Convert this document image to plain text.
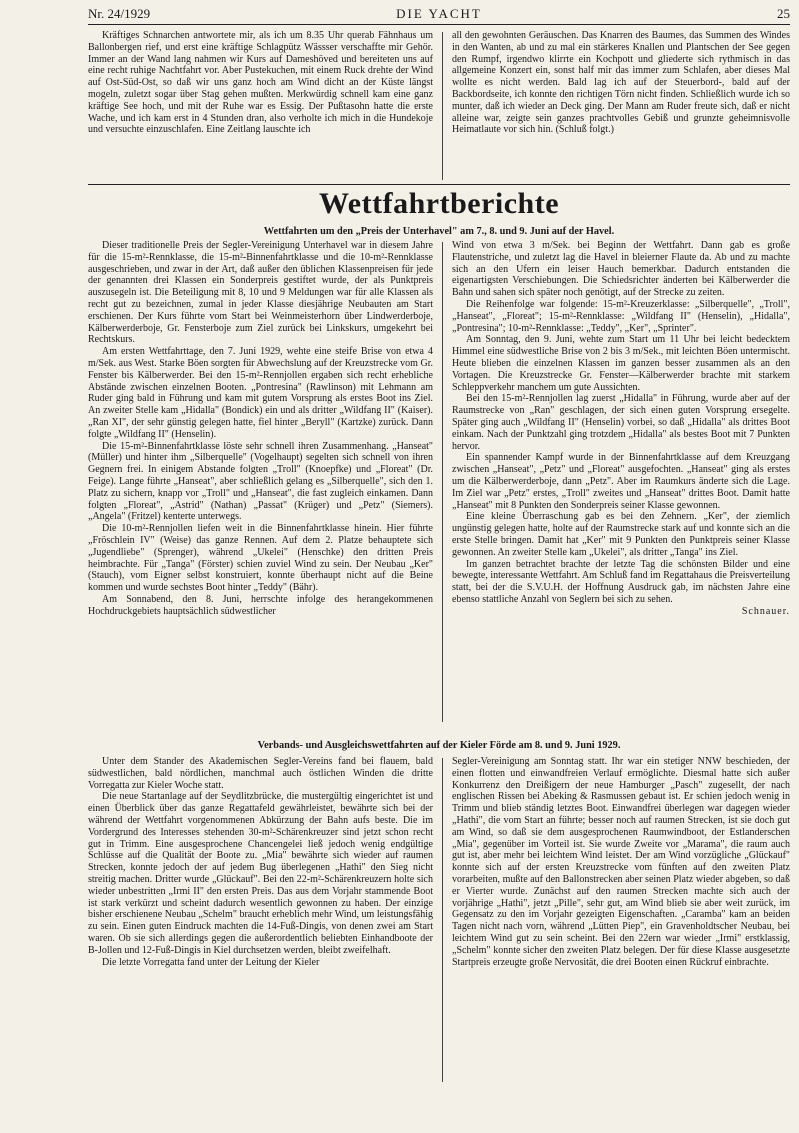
Nr. 24/1929	DIE YACHT	25

Kräftiges Schnarchen antwortete mir, als ich um 8.35 Uhr querab Fähnhaus um Ballonbergen rief, und erst eine kräftige Schlagpütz Wässser verschaffte mir Gehör. Immer an der Wand lang nahmen wir Kurs auf Dameshöved und bereiteten uns auf eine recht ruhige Nachtfahrt vor. Aber Pustekuchen, mit einem Ruck drehte der Wind auf Ost-Süd-Ost, so daß wir uns ganz hoch am Wind dicht an der Küste längst mogeln, zuletzt sogar über Stag gehen mußten. Merkwürdig schnell kam eine ganz kräftige See hoch, und mit der Ruhe war es Essig. Der Pußtasohn hatte die erste Wache, und ich kam erst in 4 Stunden dran, also verholte ich mich in die Hundekoje und versuchte einzuschlafen. Eine Zeitlang lauschte ich

all den gewohnten Geräuschen. Das Knarren des Baumes, das Summen des Windes in den Wanten, ab und zu mal ein stärkeres Knallen und Plantschen der See gegen den Rumpf, irgendwo klirrte ein Kochpott und gliederte sich rythmisch in das allgemeine Konzert ein, sonst half mir das immer zum Schlafen, aber dieses Mal wollte es nicht werden. Bald lag ich auf der Steuerbord-, bald auf der Backbordseite, ich konnte den richtigen Törn nicht finden. Schließlich wurde ich so munter, daß ich wieder an Deck ging. Der Mann am Ruder freute sich, daß er nicht alleine war, zeigte sein ganzes prachtvolles Gebiß und grunzte geheimnisvolle Heimatlaute vor sich hin. (Schluß folgt.)

Wettfahrtberichte
Wettfahrten um den „Preis der Unterhavel" am 7., 8. und 9. Juni auf der Havel.

Dieser traditionelle Preis der Segler-Vereinigung Unterhavel war in diesem Jahre für die 15-m²-Rennklasse, die 15-m²-Binnenfahrtklasse und die 10-m²-Rennklasse ausgeschrieben, und zwar in der Art, daß außer den üblichen Klassenpreisen für jede der genannten drei Klassen ein Sonderpreis gestiftet wurde, der als Punktpreis auszusegeln ist. Die Beteiligung mit 8, 10 und 9 Meldungen war für alle Klassen als recht gut zu bezeichnen, zumal in jeder Klasse diesjährige Neubauten am Start erschienen. Der Kurs führte vom Start bei Weinmeisterhorn über Lindwerderboje, Kälberwerderboje, Gr. Fensterboje zum Ziel zurück bei Linkskurs, umgekehrt bei Rechtskurs.

Am ersten Wettfahrttage, den 7. Juni 1929, wehte eine steife Brise von etwa 4 m/Sek. aus West. Starke Böen sorgten für Abwechslung auf der Kreuzstrecke vom Gr. Fenster bis Kälberwerder. Bei den 15-m²-Rennjollen ergaben sich recht erhebliche Abstände zwischen einzelnen Booten. „Pontresina" (Rawlinson) mit Lehmann am Ruder ging bald in Führung und kam mit gutem Vorsprung als erstes Boot ins Ziel. An zweiter Stelle kam „Hidalla" (Bondick) ein und als dritter „Wildfang II" (Kaiser). „Ran XI", der sehr günstig gelegen hatte, fiel hinter „Beryll" (Kartzke) zurück. Dann folgte „Wildfang II" (Henselin).

Die 15-m²-Binnenfahrtklasse löste sehr schnell ihren Zusammenhang. „Hanseat" (Müller) und hinter ihm „Silberquelle" (Vogelhaupt) segelten sich schnell von ihren Gegnern frei. In einigem Abstande folgten „Troll" (Knoepfke) und „Floreat" (Dr. Feige). Lange führte „Hanseat", aber schließlich gelang es „Silberquelle", sich den 1. Platz zu sichern, knapp vor „Troll" und „Hanseat", die fast zugleich einkamen. Dann folgten „Floreat", „Astrid" (Nathan) „Passat" (Krüger) und „Petz" (Siemers). „Angela" (Fritzel) kenterte unterwegs.

Die 10-m²-Rennjollen liefen weit in die Binnenfahrtklasse hinein. Hier führte „Fröschlein IV" (Weise) das ganze Rennen. Auf dem 2. Platze behauptete sich „Jugendliebe" (Sprenger), während „Ukelei" (Henschke) den dritten Preis heimbrachte. Für „Tanga" (Förster) schien zuviel Wind zu sein. Der Neubau „Ker" (Stauch), vom Eigner selbst konstruiert, konnte überhaupt nicht auf die Beine kommen und wurde sechstes Boot hinter „Teddy" (Bähr).

Am Sonnabend, den 8. Juni, herrschte infolge des herangekommenen Hochdruckgebiets hauptsächlich südwestlicher

Wind von etwa 3 m/Sek. bei Beginn der Wettfahrt. Dann gab es große Flautenstriche, und zuletzt lag die Havel in bleierner Flaute da. Ab und zu machte sich an den Ufern ein leiser Hauch bemerkbar. Dadurch entstanden die eigenartigsten Verschiebungen. Die Schiedsrichter änderten bei Kälberwerder die Bahn und sahen sich später noch genötigt, auf der Strecke zu zeiten.

Die Reihenfolge war folgende: 15-m²-Kreuzerklasse: „Silberquelle", „Troll", „Hanseat", „Floreat"; 15-m²-Rennklasse: „Wildfang II" (Henselin), „Hidalla", „Pontresina"; 10-m²-Rennklasse: „Teddy", „Ker", „Sprinter".

Am Sonntag, den 9. Juni, wehte zum Start um 11 Uhr bei leicht bedecktem Himmel eine südwestliche Brise von 2 bis 3 m/Sek., mit leichten Böen untermischt. Heute blieben die einzelnen Klassen im ganzen besser zusammen als an den Vortagen. Die Kreuzstrecke Gr. Fenster—Kälberwerder brachte mit starkem Schleppverkehr manchem um gute Aussichten.

Bei den 15-m²-Rennjollen lag zuerst „Hidalla" in Führung, wurde aber auf der Raumstrecke von „Ran" geschlagen, der sich einen guten Vorsprung ersegelte. Später ging auch „Wildfang II" (Henselin) vorbei, so daß „Hidalla" als drittes Boot einkam. Nach der Punktzahl ging trotzdem „Hidalla" als bestes Boot mit 7 Punkten hervor.

Ein spannender Kampf wurde in der Binnenfahrtklasse auf dem Kreuzgang zwischen „Hanseat", „Petz" und „Floreat" ausgefochten. „Hanseat" ging als erstes um die Kälberwerderboje, dann „Petz". Aber im Raumkurs änderte sich die Lage. Im Ziel war „Petz" erstes, „Troll" zweites und „Hanseat" drittes Boot. Damit hatte „Hanseat" mit 8 Punkten den Sonderpreis seiner Klasse gewonnen.

Eine kleine Überraschung gab es bei den Zehnern. „Ker", der ziemlich ungünstig gelegen hatte, holte auf der Raumstrecke stark auf und konnte sich an die erste Stelle bringen. Damit hat „Ker" mit 9 Punkten den Punktpreis seiner Klasse gewonnen. An zweiter Stelle kam „Ukelei", als dritter „Tanga" ins Ziel.

Im ganzen betrachtet brachte der letzte Tag die schönsten Bilder und eine bewegte, interessante Wettfahrt. Am Schluß fand im Regattahaus die Preisverteilung statt, bei der die S.V.U.H. der Hoffnung Ausdruck gab, im nächsten Jahre eine ebenso stattliche Anzahl von Seglern bei sich zu sehen.

Schnauer.

Verbands- und Ausgleichswettfahrten auf der Kieler Förde am 8. und 9. Juni 1929.

Unter dem Stander des Akademischen Segler-Vereins fand bei flauem, bald südwestlichen, bald nördlichen, manchmal auch östlichen Winden die dritte Vorregatta zur Kieler Woche statt.

Die neue Startanlage auf der Seydlitzbrücke, die mustergültig eingerichtet ist und einen Überblick über das ganze Regattafeld gewährleistet, bewährte sich bei der während der Wettfahrt vorgenommenen Abkürzung der Bahn aufs beste. Die im Vordergrund des Interesses stehenden 30-m²-Schärenkreuzer sind jetzt schon recht gut in Trimm. Eine ausgesprochene Chancengelei ließ jedoch wenig endgültige Schlüsse auf die Qualität der Boote zu. „Mia" bewährte sich wieder auf raumen Strecken, konnte jedoch der auf jedem Bug überlegenen „Hathi" den Sieg nicht streitig machen. Dritter wurde „Glückauf". Bei den 22-m²-Schärenkreuzern holte sich wieder unbestritten „Irmi II" den ersten Preis. Das aus dem Vorjahr stammende Boot ist stark verkürzt und scheint dadurch wesentlich gewonnen zu haben. Der einzige bisher erschienene Neubau „Schelm" braucht erheblich mehr Wind, um leistungsfähig zu sein. Einen guten Eindruck machten die 14-Fuß-Dingis, von denen zwei am Start waren. Ob sie sich allerdings gegen die außerordentlich beliebten Einhandboote der B-Jollen und 12-Fuß-Dingis in Kiel durchsetzen werden, bleibt zweifelhaft.

Die letzte Vorregatta fand unter der Leitung der Kieler

Segler-Vereinigung am Sonntag statt. Ihr war ein stetiger NNW beschieden, der einen flotten und einwandfreien Verlauf ermöglichte. Diesmal hatte sich außer Konkurrenz den Dreißigern der neue Hamburger „Pasch" zugesellt, der nach englischen Rissen bei Abeking & Rasmussen gebaut ist. Er schien jedoch wenig in Trimm und blieb ständig letztes Boot. Einwandfrei überlegen war dagegen wieder „Hathi", die vom Start an führte; besser noch auf raumen Strecken, ist sie doch gut am Wind, so daß sie dem ausgesprochenen Raumwindboot, der Estlanderschen „Mia", gegenüber im Vorteil ist. Sie wurde Zweite vor „Marama", die raum auch gut ist, aber mehr bei leichtem Wind leistet. Der am Wind vorzügliche „Glückauf" konnte sich auf der ersten Kreuzstrecke vom fünften auf den zweiten Platz vorarbeiten, mußte auf den Ballonstrecken aber seinen Platz wieder abgeben, so daß er Vierter wurde. Zunächst auf den raumen Strecken machte sich auch der vorjährige „Hathi", jetzt „Pille", sehr gut, am Wind blieb sie aber weit zurück, im Gegensatz zu den im Vorjahr gezeigten Eigenschaften. „Caramba" kam an beiden Tagen nicht nach vorn, während „Lütten Piep", ein Gravenholdtscher Neubau, bei leichtem Wind gut zu sein scheint. Bei den 22ern war wieder „Irmi" erstklassig, „Schelm" konnte sicher den zweiten Platz belegen. Der für diese Klasse ausgesetzte Startpreis erzeugte große Nervosität, die drei Booten einen Rückruf einbrachte.
